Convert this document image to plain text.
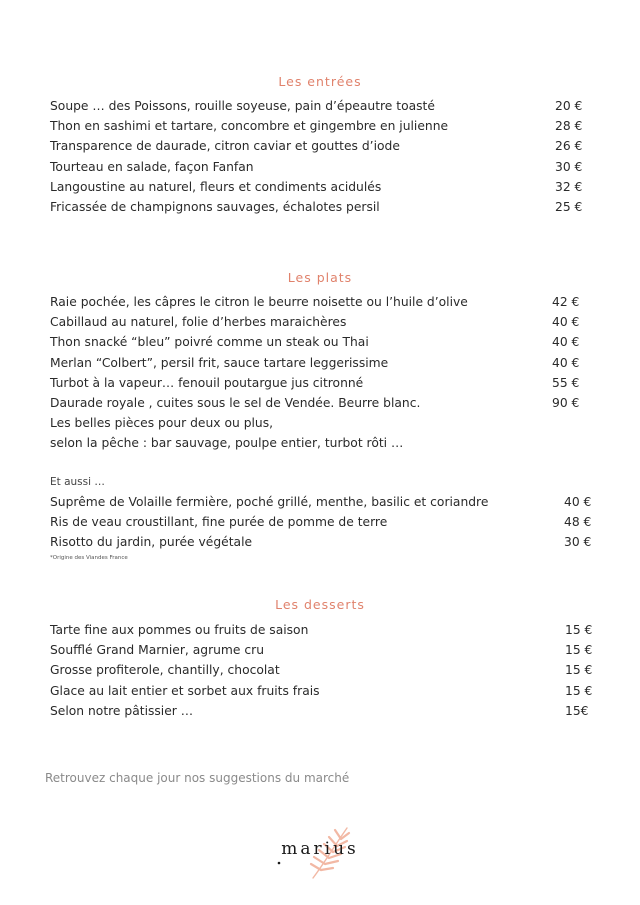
Les entrées
Soupe … des Poissons, rouille soyeuse, pain d’épeautre toasté	20 €
Thon en sashimi et tartare, concombre et gingembre en julienne	28 €
Transparence de daurade, citron caviar et gouttes d’iode	26 €
Tourteau en salade, façon Fanfan	30 €
Langoustine au naturel, fleurs et condiments acidulés	32 €
Fricassée de champignons sauvages, échalotes persil	25 €
Les plats
Raie pochée, les câpres le citron le beurre noisette ou l’huile d’olive	42 €
Cabillaud au naturel, folie d’herbes maraichères	40 €
Thon snacké “bleu” poivré comme un steak ou Thai	40 €
Merlan “Colbert”, persil frit, sauce tartare leggerissime	40 €
Turbot à la vapeur… fenouil poutargue jus citronné	55 €
Daurade royale , cuites sous le sel de Vendée. Beurre blanc.	90 €
Les belles pièces pour deux ou plus,
selon la pêche : bar sauvage, poulpe entier, turbot rôti …

Et aussi …

Suprême de Volaille fermière, poché grillé, menthe, basilic et coriandre	40 €
Ris de veau croustillant, fine purée de pomme de terre	48 €
Risotto du jardin, purée végétale	30 €

*Origine des Viandes France

Les desserts
Tarte fine aux pommes ou fruits de saison	15 €
Soufflé Grand Marnier, agrume cru	15 €
Grosse profiterole, chantilly, chocolat	15 €
Glace au lait entier et sorbet aux fruits frais	15 €
Selon notre pâtissier …	15€

Retrouvez chaque jour nos suggestions du marché

marius
